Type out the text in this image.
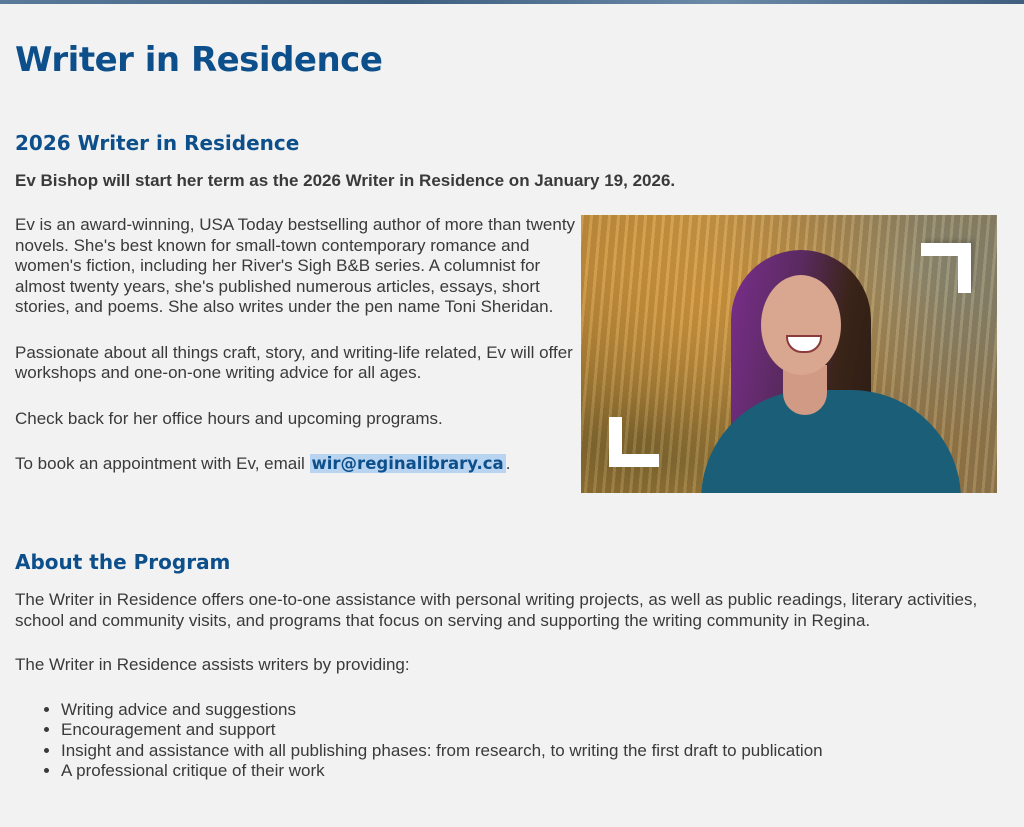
Writer in Residence
2026 Writer in Residence

Ev Bishop will start her term as the 2026 Writer in Residence on January 19, 2026.

Ev is an award-winning, USA Today bestselling author of more than twenty novels. She's best known for small-town contemporary romance and women's fiction, including her River's Sigh B&B series. A columnist for almost twenty years, she's published numerous articles, essays, short stories, and poems. She also writes under the pen name Toni Sheridan.

Passionate about all things craft, story, and writing-life related, Ev will offer workshops and one-on-one writing advice for all ages.

Check back for her office hours and upcoming programs.

To book an appointment with Ev, email wir@reginalibrary.ca .

About the Program

The Writer in Residence offers one-to-one assistance with personal writing projects, as well as public readings, literary activities, school and community visits, and programs that focus on serving and supporting the writing community in Regina.

The Writer in Residence assists writers by providing:

• Writing advice and suggestions
• Encouragement and support
• Insight and assistance with all publishing phases: from research, to writing the first draft to publication
• A professional critique of their work
